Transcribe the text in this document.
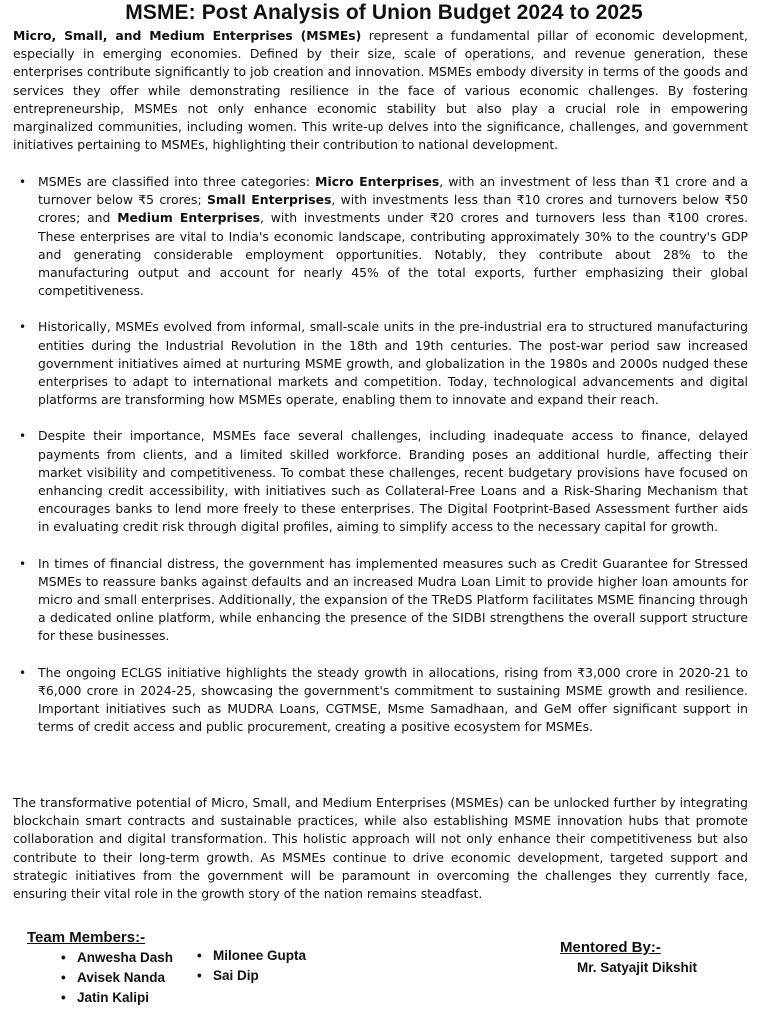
MSME: Post Analysis of Union Budget 2024 to 2025

Micro, Small, and Medium Enterprises (MSMEs) represent a fundamental pillar of economic development, especially in emerging economies. Defined by their size, scale of operations, and revenue generation, these enterprises contribute significantly to job creation and innovation. MSMEs embody diversity in terms of the goods and services they offer while demonstrating resilience in the face of various economic challenges. By fostering entrepreneurship, MSMEs not only enhance economic stability but also play a crucial role in empowering marginalized communities, including women. This write-up delves into the significance, challenges, and government initiatives pertaining to MSMEs, highlighting their contribution to national development.

• MSMEs are classified into three categories: Micro Enterprises, with an investment of less than ₹1 crore and a turnover below ₹5 crores; Small Enterprises, with investments less than ₹10 crores and turnovers below ₹50 crores; and Medium Enterprises, with investments under ₹20 crores and turnovers less than ₹100 crores. These enterprises are vital to India's economic landscape, contributing approximately 30% to the country's GDP and generating considerable employment opportunities. Notably, they contribute about 28% to the manufacturing output and account for nearly 45% of the total exports, further emphasizing their global competitiveness.
• Historically, MSMEs evolved from informal, small-scale units in the pre-industrial era to structured manufacturing entities during the Industrial Revolution in the 18th and 19th centuries. The post-war period saw increased government initiatives aimed at nurturing MSME growth, and globalization in the 1980s and 2000s nudged these enterprises to adapt to international markets and competition. Today, technological advancements and digital platforms are transforming how MSMEs operate, enabling them to innovate and expand their reach.
• Despite their importance, MSMEs face several challenges, including inadequate access to finance, delayed payments from clients, and a limited skilled workforce. Branding poses an additional hurdle, affecting their market visibility and competitiveness. To combat these challenges, recent budgetary provisions have focused on enhancing credit accessibility, with initiatives such as Collateral-Free Loans and a Risk-Sharing Mechanism that encourages banks to lend more freely to these enterprises. The Digital Footprint-Based Assessment further aids in evaluating credit risk through digital profiles, aiming to simplify access to the necessary capital for growth.
• In times of financial distress, the government has implemented measures such as Credit Guarantee for Stressed MSMEs to reassure banks against defaults and an increased Mudra Loan Limit to provide higher loan amounts for micro and small enterprises. Additionally, the expansion of the TReDS Platform facilitates MSME financing through a dedicated online platform, while enhancing the presence of the SIDBI strengthens the overall support structure for these businesses.
• The ongoing ECLGS initiative highlights the steady growth in allocations, rising from ₹3,000 crore in 2020-21 to ₹6,000 crore in 2024-25, showcasing the government's commitment to sustaining MSME growth and resilience. Important initiatives such as MUDRA Loans, CGTMSE, Msme Samadhaan, and GeM offer significant support in terms of credit access and public procurement, creating a positive ecosystem for MSMEs.

The transformative potential of Micro, Small, and Medium Enterprises (MSMEs) can be unlocked further by integrating blockchain smart contracts and sustainable practices, while also establishing MSME innovation hubs that promote collaboration and digital transformation. This holistic approach will not only enhance their competitiveness but also contribute to their long-term growth. As MSMEs continue to drive economic development, targeted support and strategic initiatives from the government will be paramount in overcoming the challenges they currently face, ensuring their vital role in the growth story of the nation remains steadfast.

Team Members:-
• Anwesha Dash
• Avisek Nanda
• Jatin Kalipi
• Milonee Gupta
• Sai Dip
Mentored By:-
Mr. Satyajit Dikshit
